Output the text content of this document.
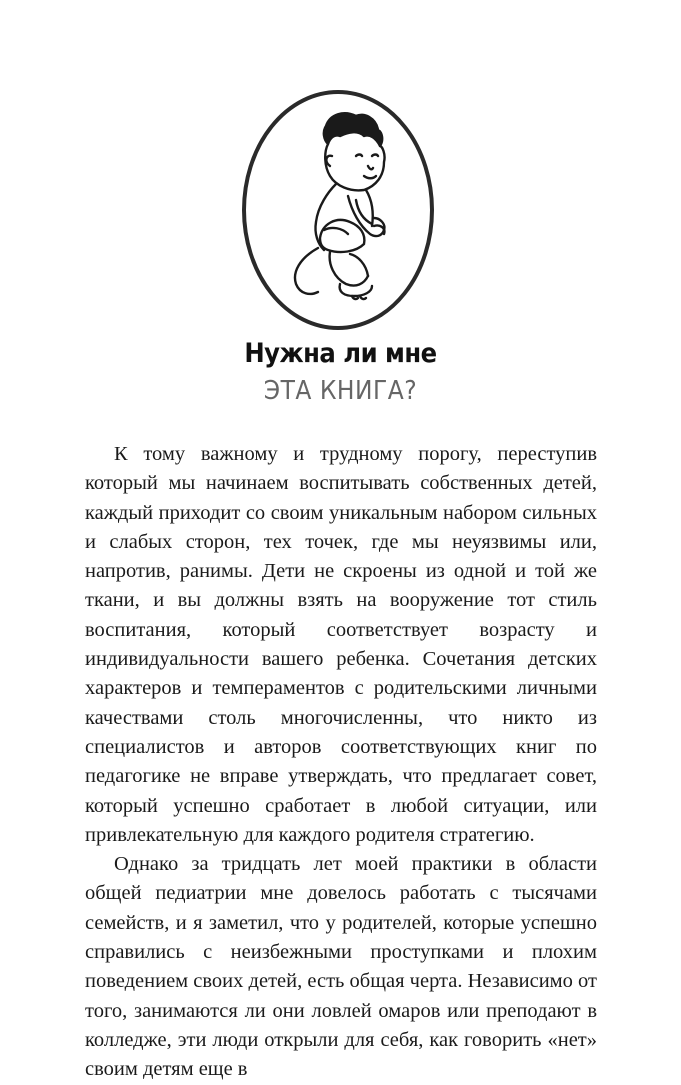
Нужна ли мне
ЭТА КНИГА?

К тому важному и трудному порогу, переступив который мы начинаем воспитывать собственных детей, каждый приходит со своим уникальным набором сильных и слабых сторон, тех точек, где мы неуязвимы или, напротив, ранимы. Дети не скроены из одной и той же ткани, и вы должны взять на вооружение тот стиль воспитания, который соответствует возрасту и индивидуальности вашего ребенка. Сочетания детских характеров и темпераментов с родительскими личными качествами столь многочисленны, что никто из специалистов и авторов соответствующих книг по педагогике не вправе утверждать, что предлагает совет, который успешно сработает в любой ситуации, или привлекательную для каждого родителя стратегию.

Однако за тридцать лет моей практики в области общей педиатрии мне довелось работать с тысячами семейств, и я заметил, что у родителей, которые успешно справились с неизбежными проступками и плохим поведением своих детей, есть общая черта. Независимо от того, занимаются ли они ловлей омаров или преподают в колледже, эти люди открыли для себя, как говорить «нет» своим детям еще в
